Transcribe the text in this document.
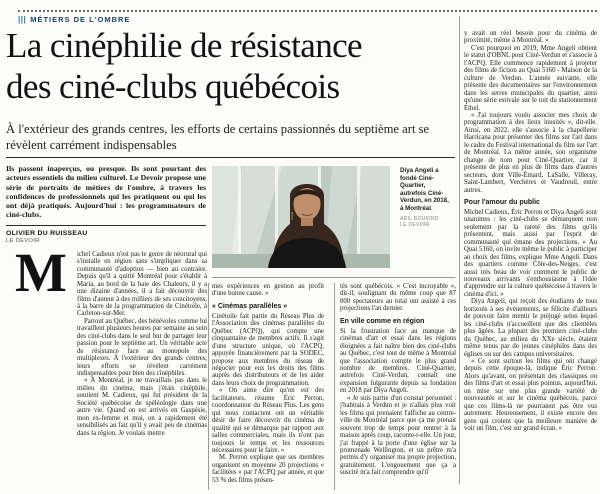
||| MÉTIERS DE L'OMBRE
La cinéphilie de résistance
des ciné-clubs québécois
À l'extérieur des grands centres, les efforts de certains passionnés du septième art se révèlent carrément indispensables
Ils passent inaperçus, ou presque. Ils sont pourtant des acteurs essentiels du milieu culturel. Le Devoir propose une série de portraits de métiers de l'ombre, à travers les confidences de professionnels qui les pratiquent ou qui les ont déjà pratiqués. Aujourd'hui : les programmateurs de ciné-clubs.
OLIVIER DU RUISSEAU
LE DEVOIR
M ichel Cadieux n'est pas le genre de néorural qui s'installe en région sans s'impliquer dans sa communauté d'adoption — bien au contraire. Depuis qu'il a quitté Montréal pour s'établir à Maria, au bord de la baie des Chaleurs, il y a une dizaine d'années, il a fait découvrir des films d'auteur à des milliers de ses concitoyens, à la barre de la programmation de Cinétoile, à Carleton-sur-Mer.

Partout au Québec, des bénévoles comme lui travaillent plusieurs heures par semaine au sein des ciné-clubs dans le seul but de partager leur passion pour le septième art. Un véritable acte de résistance face au monopole des multiplexes. À l'extérieur des grands centres, leurs efforts se révèlent carrément indispensables pour bien des cinéphiles.

« À Montréal, je ne travaillais pas dans le milieu du cinéma, mais j'étais cinéphile, soutient M. Cadieux, qui fut président de la Société québécoise de spéléologie dans une autre vie. Quand on est arrivés en Gaspésie, mon ex-femme et moi, on a rapidement été sensibilisés au fait qu'il y avait peu de cinémas dans la région. Je voulais mettre

Diya Angeli a fondé Ciné-Quartier, autrefois Ciné-Verdun, en 2018, à Montréal.
ADIL BOUKIND
LE DEVOIR

mes expériences en gestion au profit d'une bonne cause. »

« Cinémas parallèles »

Cinétoile fait partie du Réseau Plus de l'Association des cinémas parallèles du Québec (ACPQ), qui compte une cinquantaine de membres actifs. Il s'agit d'une structure unique, où l'ACPQ, appuyée financièrement par la SODEC, propose aux membres du réseau de négocier pour eux les droits des films auprès des distributeurs et de les aider dans leurs choix de programmation.

« On aime dire qu'on est des facilitateurs, résume Éric Perron, coordonnateur du Réseau Plus. Les gens qui nous contactent ont un véritable désir de faire découvrir du cinéma de qualité qui se démarque par rapport aux salles commerciales, mais ils n'ont pas toujours le temps et les ressources nécessaires pour le faire. »

M. Perron explique que ses membres organisent en moyenne 20 projections « facilitées » par l'ACPQ par année, et que 53 % des films présen-

tés sont québécois. « C'est incroyable », dit-il, soulignant du même coup que 87 000 spectateurs au total ont assisté à ces projections l'an dernier.

En ville comme en région

Si la frustration face au manque de cinémas d'art et essai dans les régions éloignées a fait naître bien des ciné-clubs au Québec, c'est tout de même à Montréal que l'association compte le plus grand nombre de membres. Ciné-Quartier, autrefois Ciné-Verdun, connaît une expansion fulgurante depuis sa fondation en 2018 par Diya Angeli.

« Je suis partie d'un constat personnel : j'habitais à Verdun et je n'allais plus voir les films qui prenaient l'affiche au centre-ville de Montréal parce que ça me prenait souvent trop de temps pour rentrer à la maison après coup, raconte-t-elle. Un jour, j'ai frappé à la porte d'une église sur la promenade Wellington, et un prêtre m'a permis d'y organiser ma propre projection, gratuitement. L'engouement que ça a suscité m'a fait comprendre qu'il

y avait un réel besoin pour du cinéma de proximité, même à Montréal. »

C'est pourquoi en 2019, Mme Angeli obtient le statut d'OBNL pour Ciné-Verdun et s'associe à l'ACPQ. Elle commence rapidement à projeter des films de fiction au Quai 5160 - Maison de la culture de Verdun. L'année suivante, elle présente des documentaires sur l'environnement dans les serres municipales du quartier, ainsi qu'une série estivale sur le toit du stationnement Éthel.

« J'ai toujours voulu associer mes choix de programmation à des lieux inusités », dit-elle. Ainsi, en 2022, elle s'associe à la chapellerie Harricana pour présenter des films sur l'art dans le cadre du Festival international du film sur l'art de Montréal. La même année, son organisme change de nom pour Ciné-Quartier, car il présente de plus en plus de films dans d'autres secteurs, dont Ville-Émard, LaSalle, Villeray, Saint-Lambert, Verchères et Vaudreuil, entre autres.

Pour l'amour du public

Michel Cadieux, Éric Perron et Diya Angeli sont unanimes : les ciné-clubs se démarquent non seulement par la rareté des films qu'ils présentent, mais aussi par l'esprit de communauté qui émane des projections. « Au Quai 5160, on invite même le public à participer au choix des films, explique Mme Angeli. Dans des quartiers comme Côte-des-Neiges, c'est aussi très beau de voir comment le public de nouveaux arrivants s'enthousiasme à l'idée d'apprendre sur la culture québécoise à travers le cinéma d'ici. »

Diya Angeli, qui reçoit des étudiants de tous horizons à ses événements, se félicite d'ailleurs de pouvoir faire mentir le préjugé selon lequel les ciné-clubs n'accueillent que des clientèles plus âgées. La plupart des premiers ciné-clubs du Québec, au milieu du XXe siècle, étaient même tenus par de jeunes cinéphiles dans des églises ou sur des campus universitaires.

« Ce sont surtout les films qui ont changé depuis cette époque-là, indique Éric Perron. Alors qu'avant, on présentait des classiques ou des films d'art et essai plus pointus, aujourd'hui, on mise sur une plus grande variété de nouveautés et sur le cinéma québécois, parce que ces films-là ne pourraient pas être vus autrement. Heureusement, il existe encore des gens qui croient que la meilleure manière de voir un film, c'est sur grand écran. »
